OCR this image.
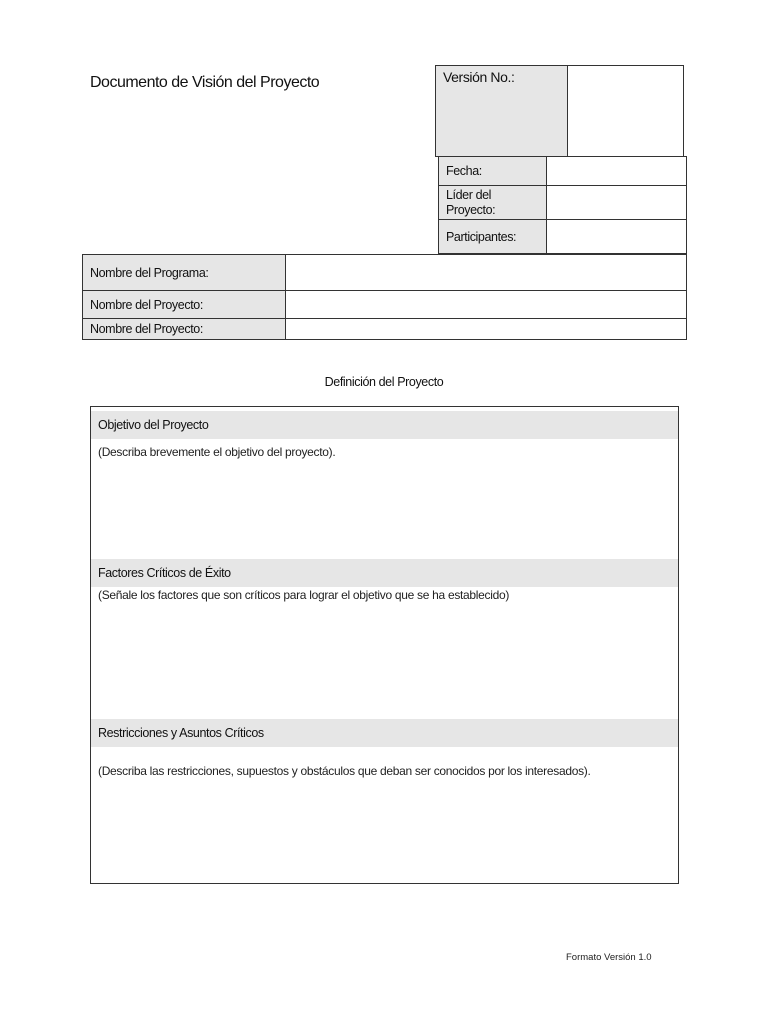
Documento de Visión del Proyecto	Versión No.:	
Fecha:	
Líder del Proyecto:	
Participantes:	
Nombre del Programa:	
Nombre del Proyecto:	
Nombre del Proyecto:	
Definición del Proyecto
Objetivo del Proyecto
(Describa brevemente el objetivo del proyecto).
Factores Críticos de Éxito
(Señale los factores que son críticos para lograr el objetivo que se ha establecido)
Restricciones y Asuntos Críticos
(Describa las restricciones, supuestos y obstáculos que deban ser conocidos por los interesados).
Formato Versión 1.0
